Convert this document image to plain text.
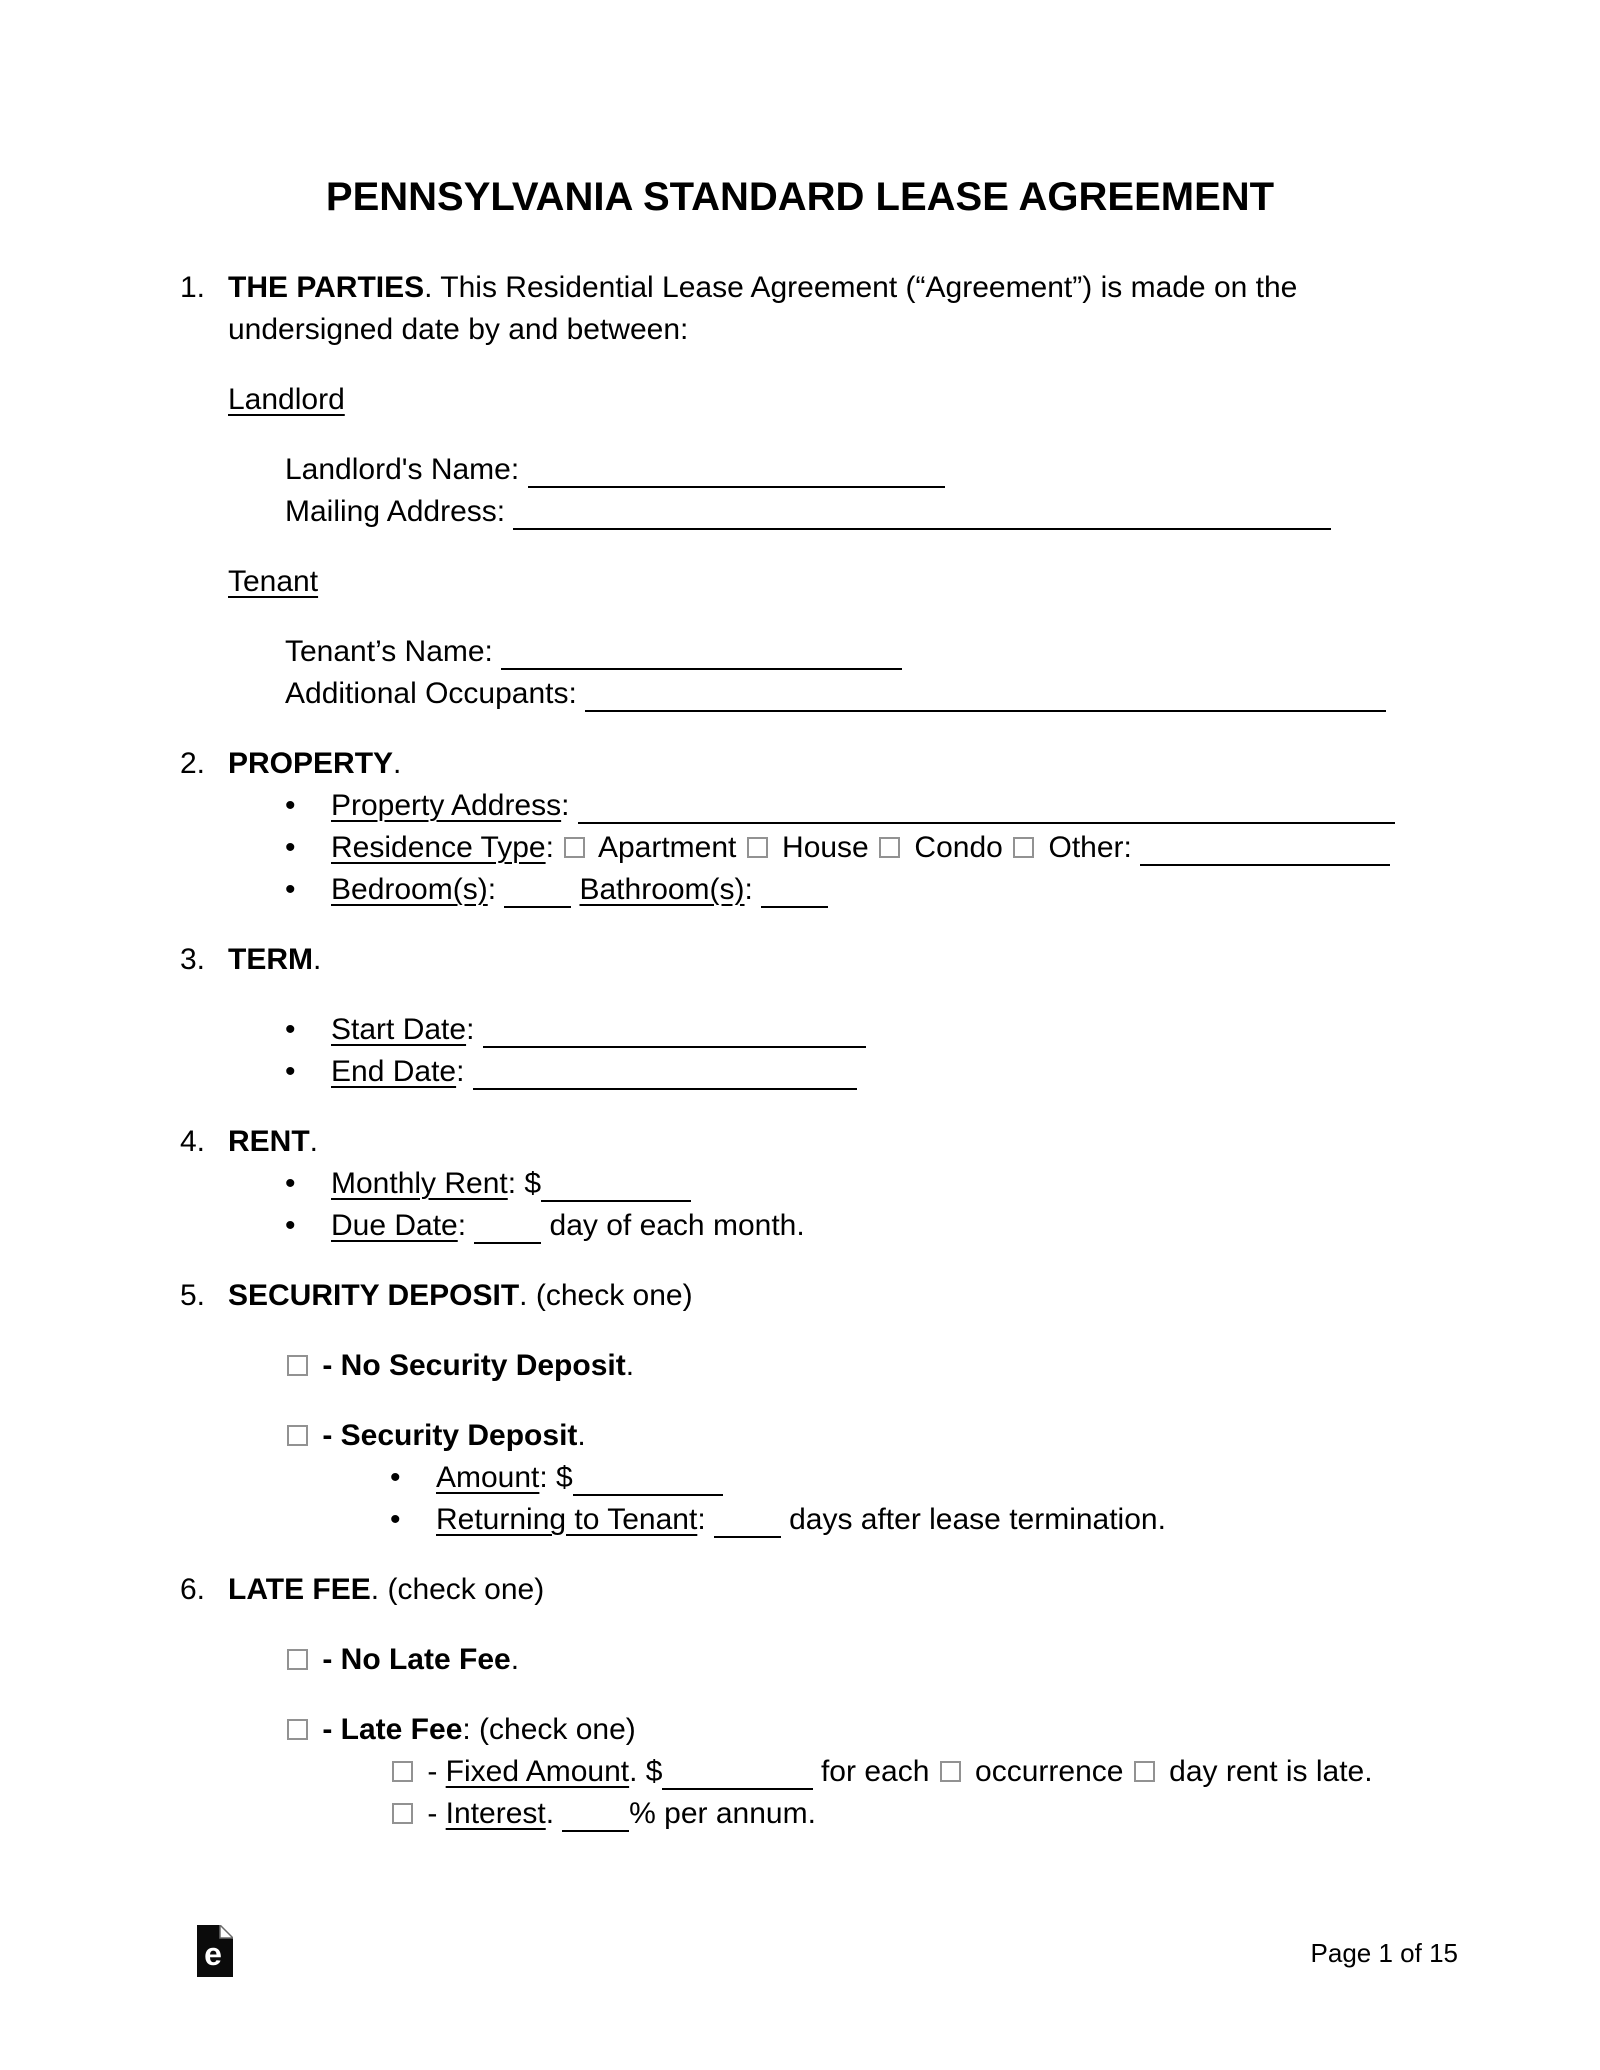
PENNSYLVANIA STANDARD LEASE AGREEMENT
1. THE PARTIES. This Residential Lease Agreement (“Agreement”) is made on the undersigned date by and between:
Landlord
Landlord's Name:
Mailing Address:
Tenant
Tenant’s Name:
Additional Occupants:
2. PROPERTY.
• Property Address:
• Residence Type:  Apartment  House  Condo  Other:
• Bedroom(s):	Bathroom(s):
3. TERM.
• Start Date:
• End Date:
4. RENT.
• Monthly Rent: $
• Due Date: day of each month.
5. SECURITY DEPOSIT. (check one)
- No Security Deposit.
- Security Deposit.
• Amount: $
• Returning to Tenant: days after lease termination.
6. LATE FEE. (check one)
- No Late Fee.
- Late Fee: (check one)
- Fixed Amount. $	for each  occurrence  day rent is late.
- Interest. % per annum.
e	Page 1 of 15
